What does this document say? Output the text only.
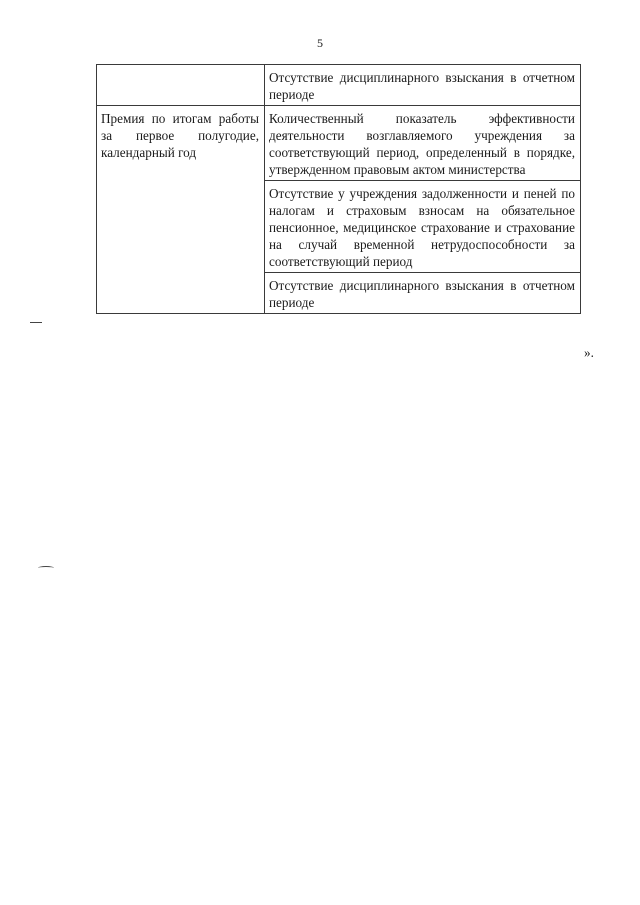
5
	Отсутствие дисциплинарного взыскания в отчетном периоде
Премия по итогам работы за первое полугодие, календарный год	Количественный показатель эффективности деятельности возглавляемого учреждения за соответствующий период, определенный в порядке, утвержденном правовым актом министерства
	Отсутствие у учреждения задолженности и пеней по налогам и страховым взносам на обязательное пенсионное, медицинское страхование и страхование на случай временной нетрудоспособности за соответствующий период
	Отсутствие дисциплинарного взыскания в отчетном периоде
».
